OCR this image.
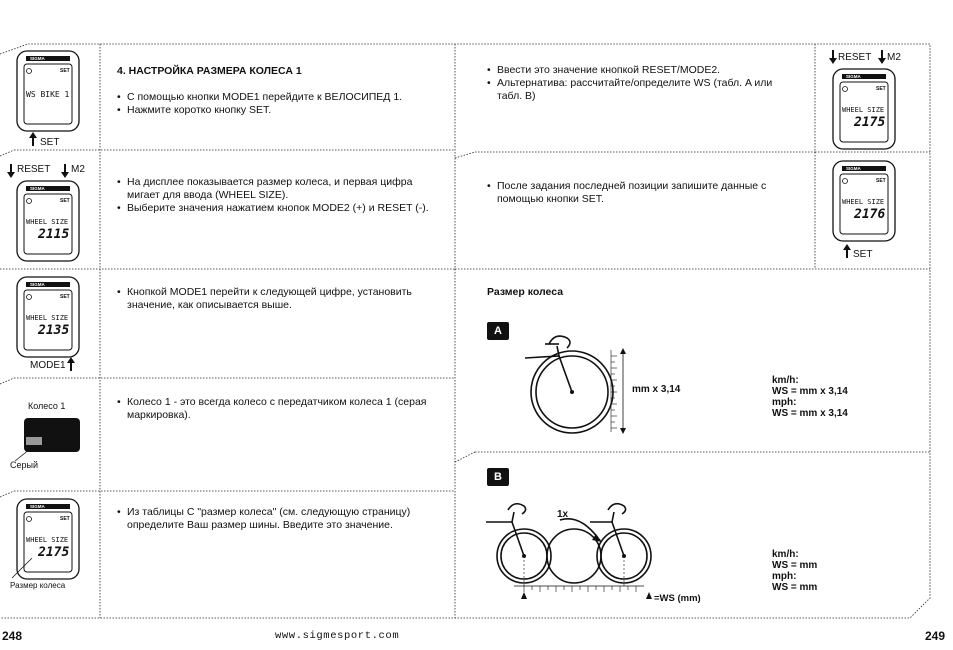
SIGMA
SET
WS BIKE 1
SET
4. НАСТРОЙКА РАЗМЕРА КОЛЕСА 1
• С помощью кнопки MODE1 перейдите к ВЕЛОСИПЕД 1.
• Нажмите коротко кнопку SET.
RESET M2
SIGMA
SET
WHEEL SIZE
2115
• На дисплее показывается размер колеса, и первая цифра мигает для ввода (WHEEL SIZE).
• Выберите значения нажатием кнопок MODE2 (+) и RESET (-).
SIGMA
SET
WHEEL SIZE
2135
MODE1
• Кнопкой MODE1 перейти к следующей цифре, установить значение, как описывается выше.
Колесо 1
Серый
• Колесо 1 - это всегда колесо с передатчиком колеса 1 (серая маркировка).
SIGMA
SET
WHEEL SIZE
2175
Размер колеса
• Из таблицы С "размер колеса" (см. следующую страницу) определите Ваш размер шины. Введите это значение.
• Ввести это значение кнопкой RESET/MODE2.
• Альтернатива: рассчитайте/определите WS (табл. A или табл. B)
RESET M2
SIGMA
SET
WHEEL SIZE
2175
• После задания последней позиции запишите данные с помощью кнопки SET.
SIGMA
SET
WHEEL SIZE
2176
SET
Размер колеса
A
mm x 3,14
km/h:
WS = mm x 3,14
mph:
WS = mm x 3,14
B
1x
=WS (mm)
km/h:
WS = mm
mph:
WS = mm
248	www.sigmesport.com	249
